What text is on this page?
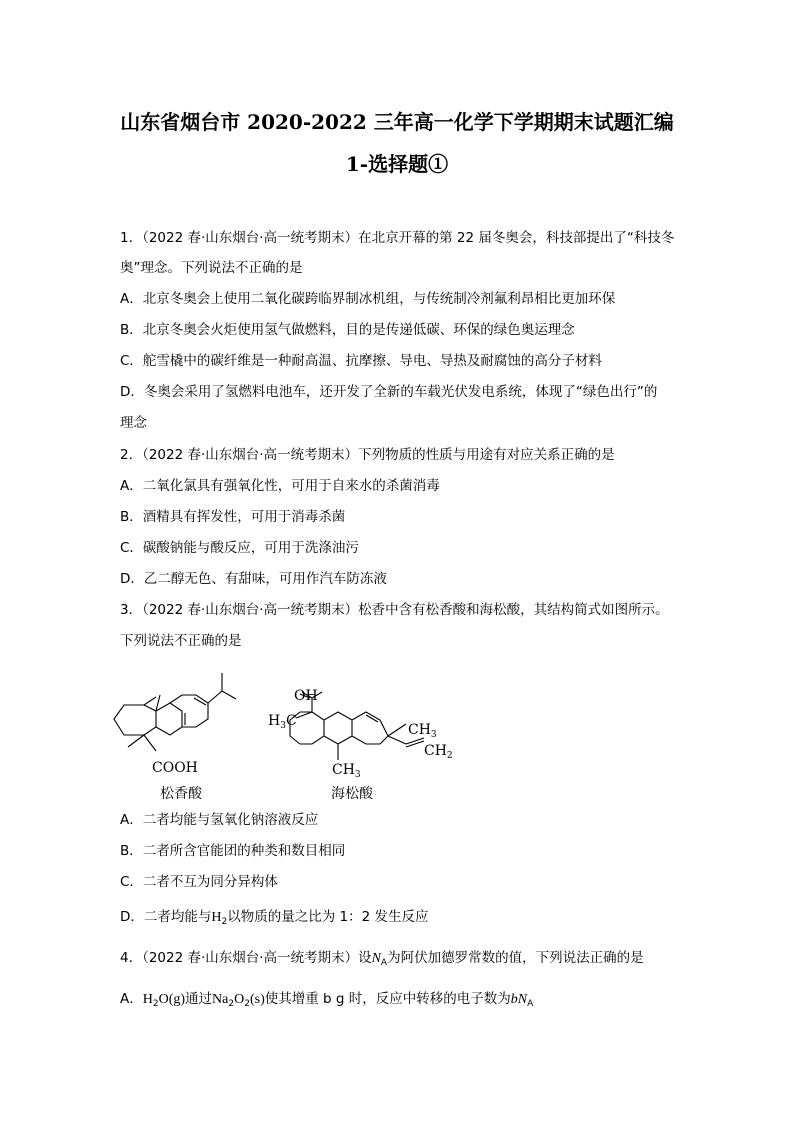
山东省烟台市 2020-2022 三年高一化学下学期期末试题汇编
1-选择题①
1．（2022 春·山东烟台·高一统考期末）在北京开幕的第 22 届冬奥会，科技部提出了“科技冬
奥”理念。下列说法不正确的是
A．北京冬奥会上使用二氧化碳跨临界制冰机组，与传统制冷剂氟利昂相比更加环保
B．北京冬奥会火炬使用氢气做燃料，目的是传递低碳、环保的绿色奥运理念
C．舵雪橇中的碳纤维是一种耐高温、抗摩擦、导电、导热及耐腐蚀的高分子材料
D．冬奥会采用了氢燃料电池车，还开发了全新的车载光伏发电系统，体现了“绿色出行”的
理念
2．（2022 春·山东烟台·高一统考期末）下列物质的性质与用途有对应关系正确的是
A．二氧化氯具有强氧化性，可用于自来水的杀菌消毒
B．酒精具有挥发性，可用于消毒杀菌
C．碳酸钠能与酸反应，可用于洗涤油污
D．乙二醇无色、有甜味，可用作汽车防冻液
3．（2022 春·山东烟台·高一统考期末）松香中含有松香酸和海松酸，其结构简式如图所示。
下列说法不正确的是
COOH
松香酸
OH
$H_3C$
$CH_3$
$CH_2$
$CH_3$
海松酸
A．二者均能与氢氧化钠溶液反应
B．二者所含官能团的种类和数目相同
C．二者不互为同分异构体
D．二者均能与$H_2$以物质的量之比为 1：2 发生反应
4．（2022 春·山东烟台·高一统考期末）设$N_A$为阿伏加德罗常数的值，下列说法正确的是
A．$H_2O(g)$通过$Na_2O_2(s)$使其增重 b g 时，反应中转移的电子数为$bN_A$
